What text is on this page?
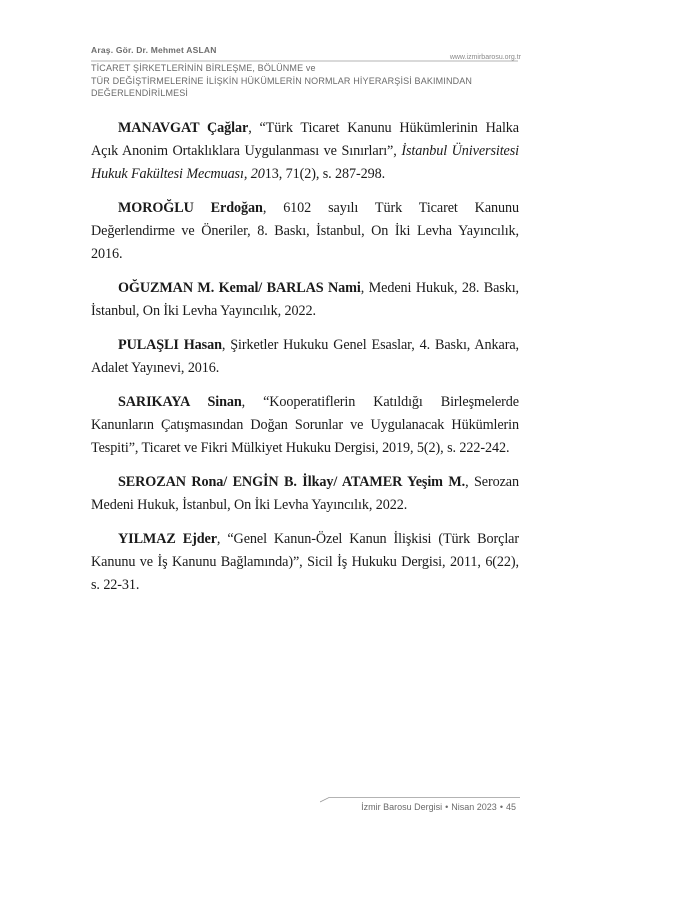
Araş. Gör. Dr. Mehmet ASLAN
www.izmirbarosu.org.tr
TİCARET ŞİRKETLERİNİN BİRLEŞME, BÖLÜNME ve
TÜR DEĞİŞTİRMELERİNE İLİŞKİN HÜKÜMLERİN NORMLAR HİYERARŞİSİ BAKIMINDAN
DEĞERLENDİRİLMESİ

MANAVGAT Çağlar, “Türk Ticaret Kanunu Hükümlerinin Halka Açık Anonim Ortaklıklara Uygulanması ve Sınırları”, İstanbul Üniversitesi Hukuk Fakültesi Mecmuası, 2013, 71(2), s. 287-298.

MOROĞLU Erdoğan, 6102 sayılı Türk Ticaret Kanunu Değerlendirme ve Öneriler, 8. Baskı, İstanbul, On İki Levha Yayıncılık, 2016.

OĞUZMAN M. Kemal/ BARLAS Nami, Medeni Hukuk, 28. Baskı, İstanbul, On İki Levha Yayıncılık, 2022.

PULAŞLI Hasan, Şirketler Hukuku Genel Esaslar, 4. Baskı, Ankara, Adalet Yayınevi, 2016.

SARIKAYA Sinan, “Kooperatiflerin Katıldığı Birleşmelerde Kanunların Çatışmasından Doğan Sorunlar ve Uygulanacak Hükümlerin Tespiti”, Ticaret ve Fikri Mülkiyet Hukuku Dergisi, 2019, 5(2), s. 222-242.

SEROZAN Rona/ ENGİN B. İlkay/ ATAMER Yeşim M., Serozan Medeni Hukuk, İstanbul, On İki Levha Yayıncılık, 2022.

YILMAZ Ejder, “Genel Kanun-Özel Kanun İlişkisi (Türk Borçlar Kanunu ve İş Kanunu Bağlamında)”, Sicil İş Hukuku Dergisi, 2011, 6(22), s. 22-31.

İzmir Barosu Dergisi • Nisan 2023 • 45
